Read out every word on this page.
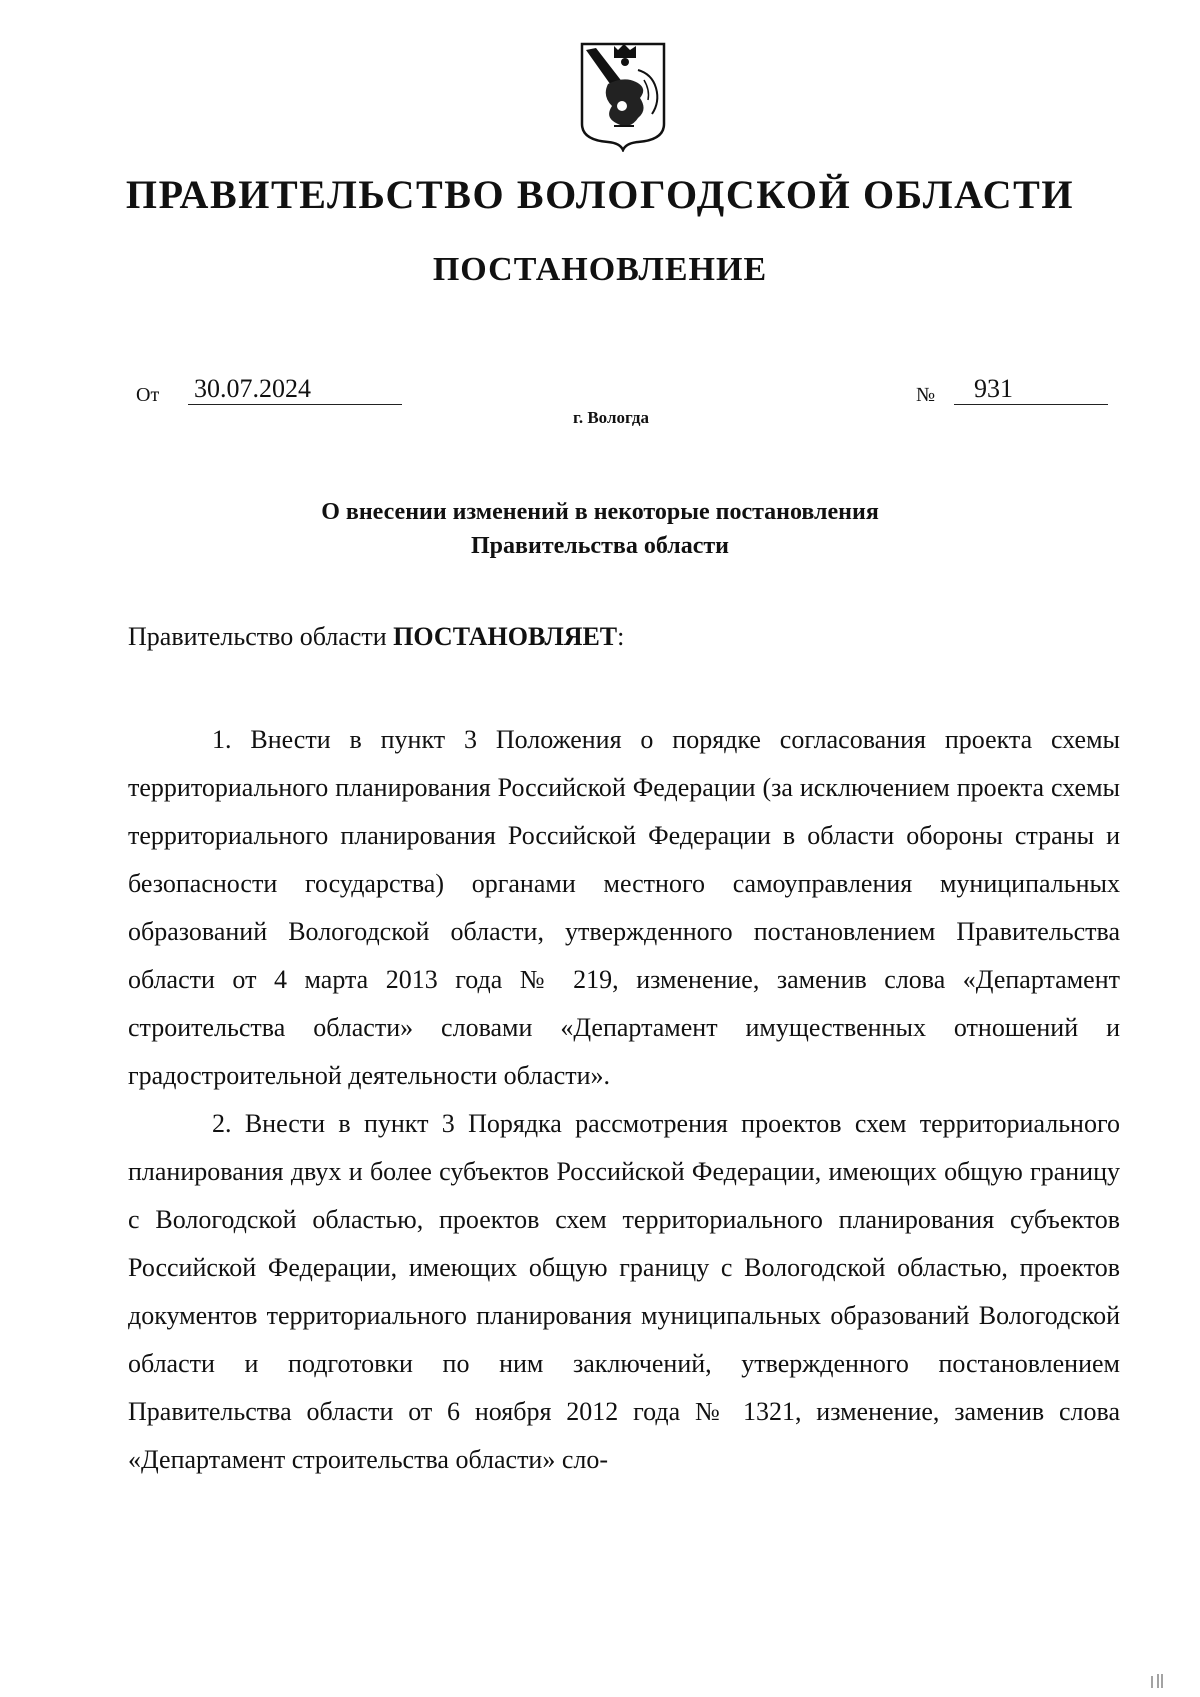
ПРАВИТЕЛЬСТВО ВОЛОГОДСКОЙ ОБЛАСТИ
ПОСТАНОВЛЕНИЕ
От 30.07.2024	№	931
г. Вологда
О внесении изменений в некоторые постановления
Правительства области
Правительство области ПОСТАНОВЛЯЕТ:

1. Внести в пункт 3 Положения о порядке согласования проекта схемы территориального планирования Российской Федерации (за исключением проекта схемы территориального планирования Российской Федерации в области обороны страны и безопасности государства) органами местного самоуправления муниципальных образований Вологодской области, утвержденного постановлением Правительства области от 4 марта 2013 года № 219, изменение, заменив слова «Департамент строительства области» словами «Департамент имущественных отношений и градостроительной деятельности области».

2. Внести в пункт 3 Порядка рассмотрения проектов схем территориального планирования двух и более субъектов Российской Федерации, имеющих общую границу с Вологодской областью, проектов схем территориального планирования субъектов Российской Федерации, имеющих общую границу с Вологодской областью, проектов документов территориального планирования муниципальных образований Вологодской области и подготовки по ним заключений, утвержденного постановлением Правительства области от 6 ноября 2012 года № 1321, изменение, заменив слова «Департамент строительства области» сло-
